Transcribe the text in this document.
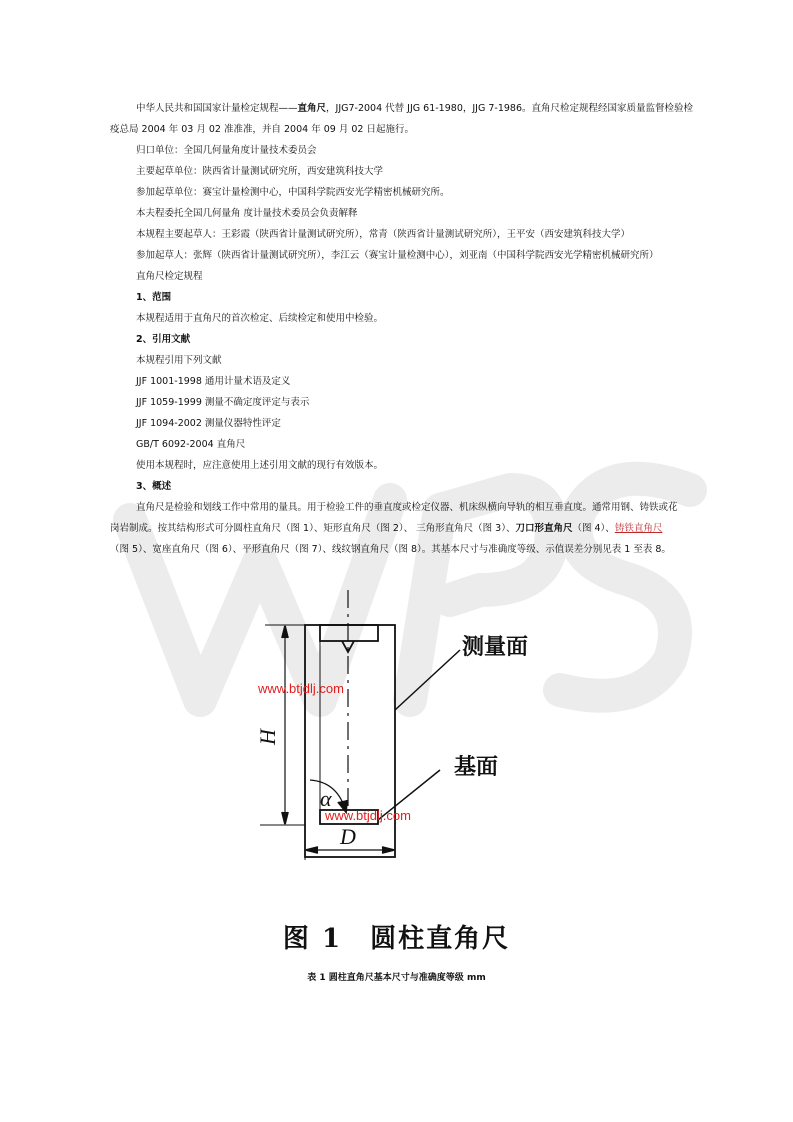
中华人民共和国国家计量检定规程——直角尺，JJG7-2004 代替 JJG 61-1980，JJG 7-1986。直角尺检定规程经国家质量监督检验检

疫总局 2004 年 03 月 02 准准准，并自 2004 年 09 月 02 日起施行。

归口单位：全国几何量角度计量技术委员会

主要起草单位：陕西省计量测试研究所，西安建筑科技大学

参加起草单位：赛宝计量检测中心，中国科学院西安光学精密机械研究所。

本夫程委托全国几何量角 度计量技术委员会负责解释

本规程主要起草人：王彩霞（陕西省计量测试研究所），常青（陕西省计量测试研究所），王平安（西安建筑科技大学）

参加起草人：张辉（陕西省计量测试研究所），李江云（赛宝计量检测中心），刘亚南（中国科学院西安光学精密机械研究所）

直角尺检定规程

1、范围

本规程适用于直角尺的首次检定、后续检定和使用中检验。

2、引用文献

本规程引用下列文献

JJF 1001-1998 通用计量术语及定义

JJF 1059-1999 测量不确定度评定与表示

JJF 1094-2002 测量仪器特性评定

GB/T 6092-2004 直角尺

使用本规程时，应注意使用上述引用文献的现行有效版本。

3、概述

直角尺是检验和划线工作中常用的量具。用于检验工件的垂直度或检定仪器、机床纵横向导轨的相互垂直度。通常用钢、铸铁或花

岗岩制成。按其结构形式可分圆柱直角尺（图 1）、矩形直角尺（图 2）、 三角形直角尺（图 3）、刀口形直角尺（图 4）、铸铁直角尺

（图 5）、宽座直角尺（图 6）、平形直角尺（图 7）、线纹钢直角尺（图 8）。其基本尺寸与准确度等级、示值误差分别见表 1 至表 8。

测量面
基面
H
D
α
www.btjdlj.com
www.btjdlj.com
图 1　圆柱直角尺
表 1 圆柱直角尺基本尺寸与准确度等级 mm
